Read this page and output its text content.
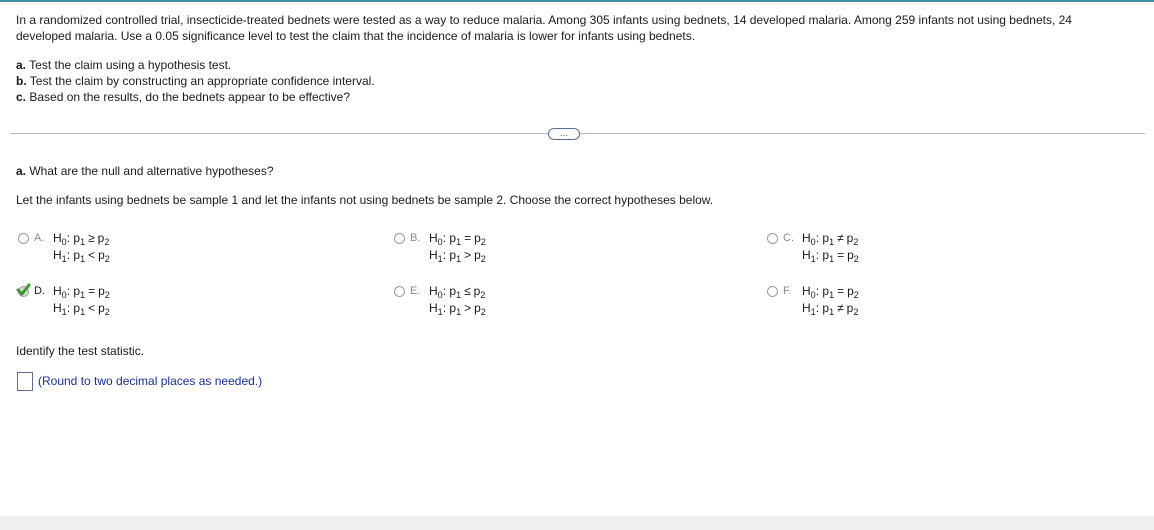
In a randomized controlled trial, insecticide-treated bednets were tested as a way to reduce malaria. Among 305 infants using bednets, 14 developed malaria. Among 259 infants not using bednets, 24 developed malaria. Use a 0.05 significance level to test the claim that the incidence of malaria is lower for infants using bednets.

a. Test the claim using a hypothesis test.
b. Test the claim by constructing an appropriate confidence interval.
c. Based on the results, do the bednets appear to be effective?
…
a. What are the null and alternative hypotheses?
Let the infants using bednets be sample 1 and let the infants not using bednets be sample 2. Choose the correct hypotheses below.
A. $H_0$: $p_1 \ge p_2$
$H_1$: $p_1 < p_2$
B. $H_0$: $p_1 = p_2$
$H_1$: $p_1 > p_2$
C. $H_0$: $p_1 \ne p_2$
$H_1$: $p_1 = p_2$
D. $H_0$: $p_1 = p_2$
$H_1$: $p_1 < p_2$
E. $H_0$: $p_1 \le p_2$
$H_1$: $p_1 > p_2$
F. $H_0$: $p_1 = p_2$
$H_1$: $p_1 \ne p_2$
Identify the test statistic.
(Round to two decimal places as needed.)
